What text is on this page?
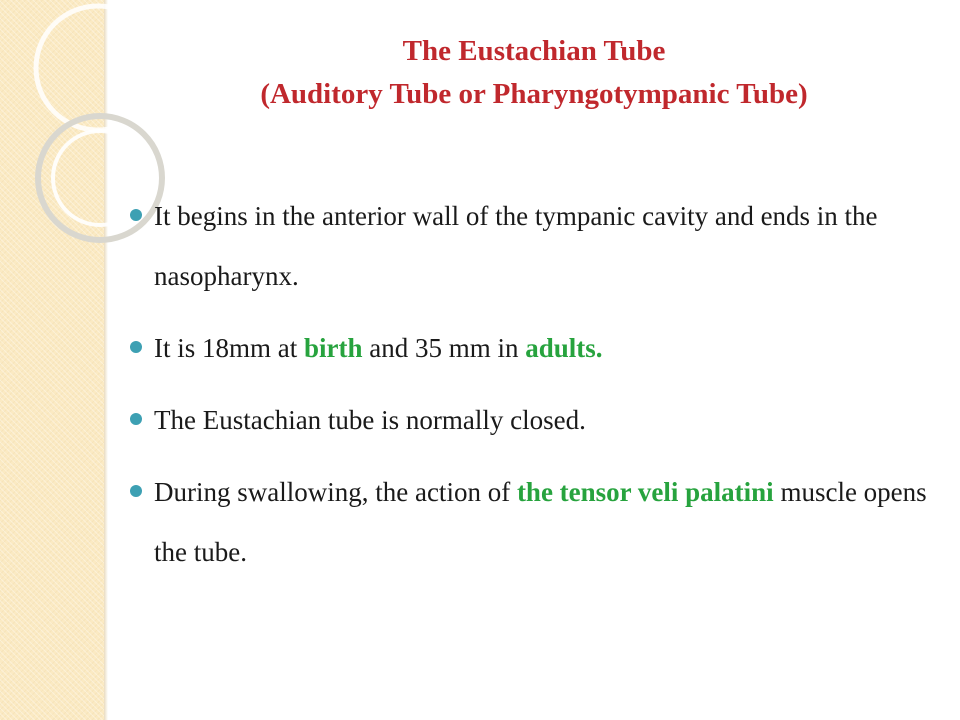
The Eustachian Tube
(Auditory Tube or Pharyngotympanic Tube)
It begins in the anterior wall of the tympanic cavity and ends in the nasopharynx.
It is 18mm at birth and 35 mm in adults.
The Eustachian tube is normally closed.
During swallowing, the action of the tensor veli palatini muscle opens the tube.
